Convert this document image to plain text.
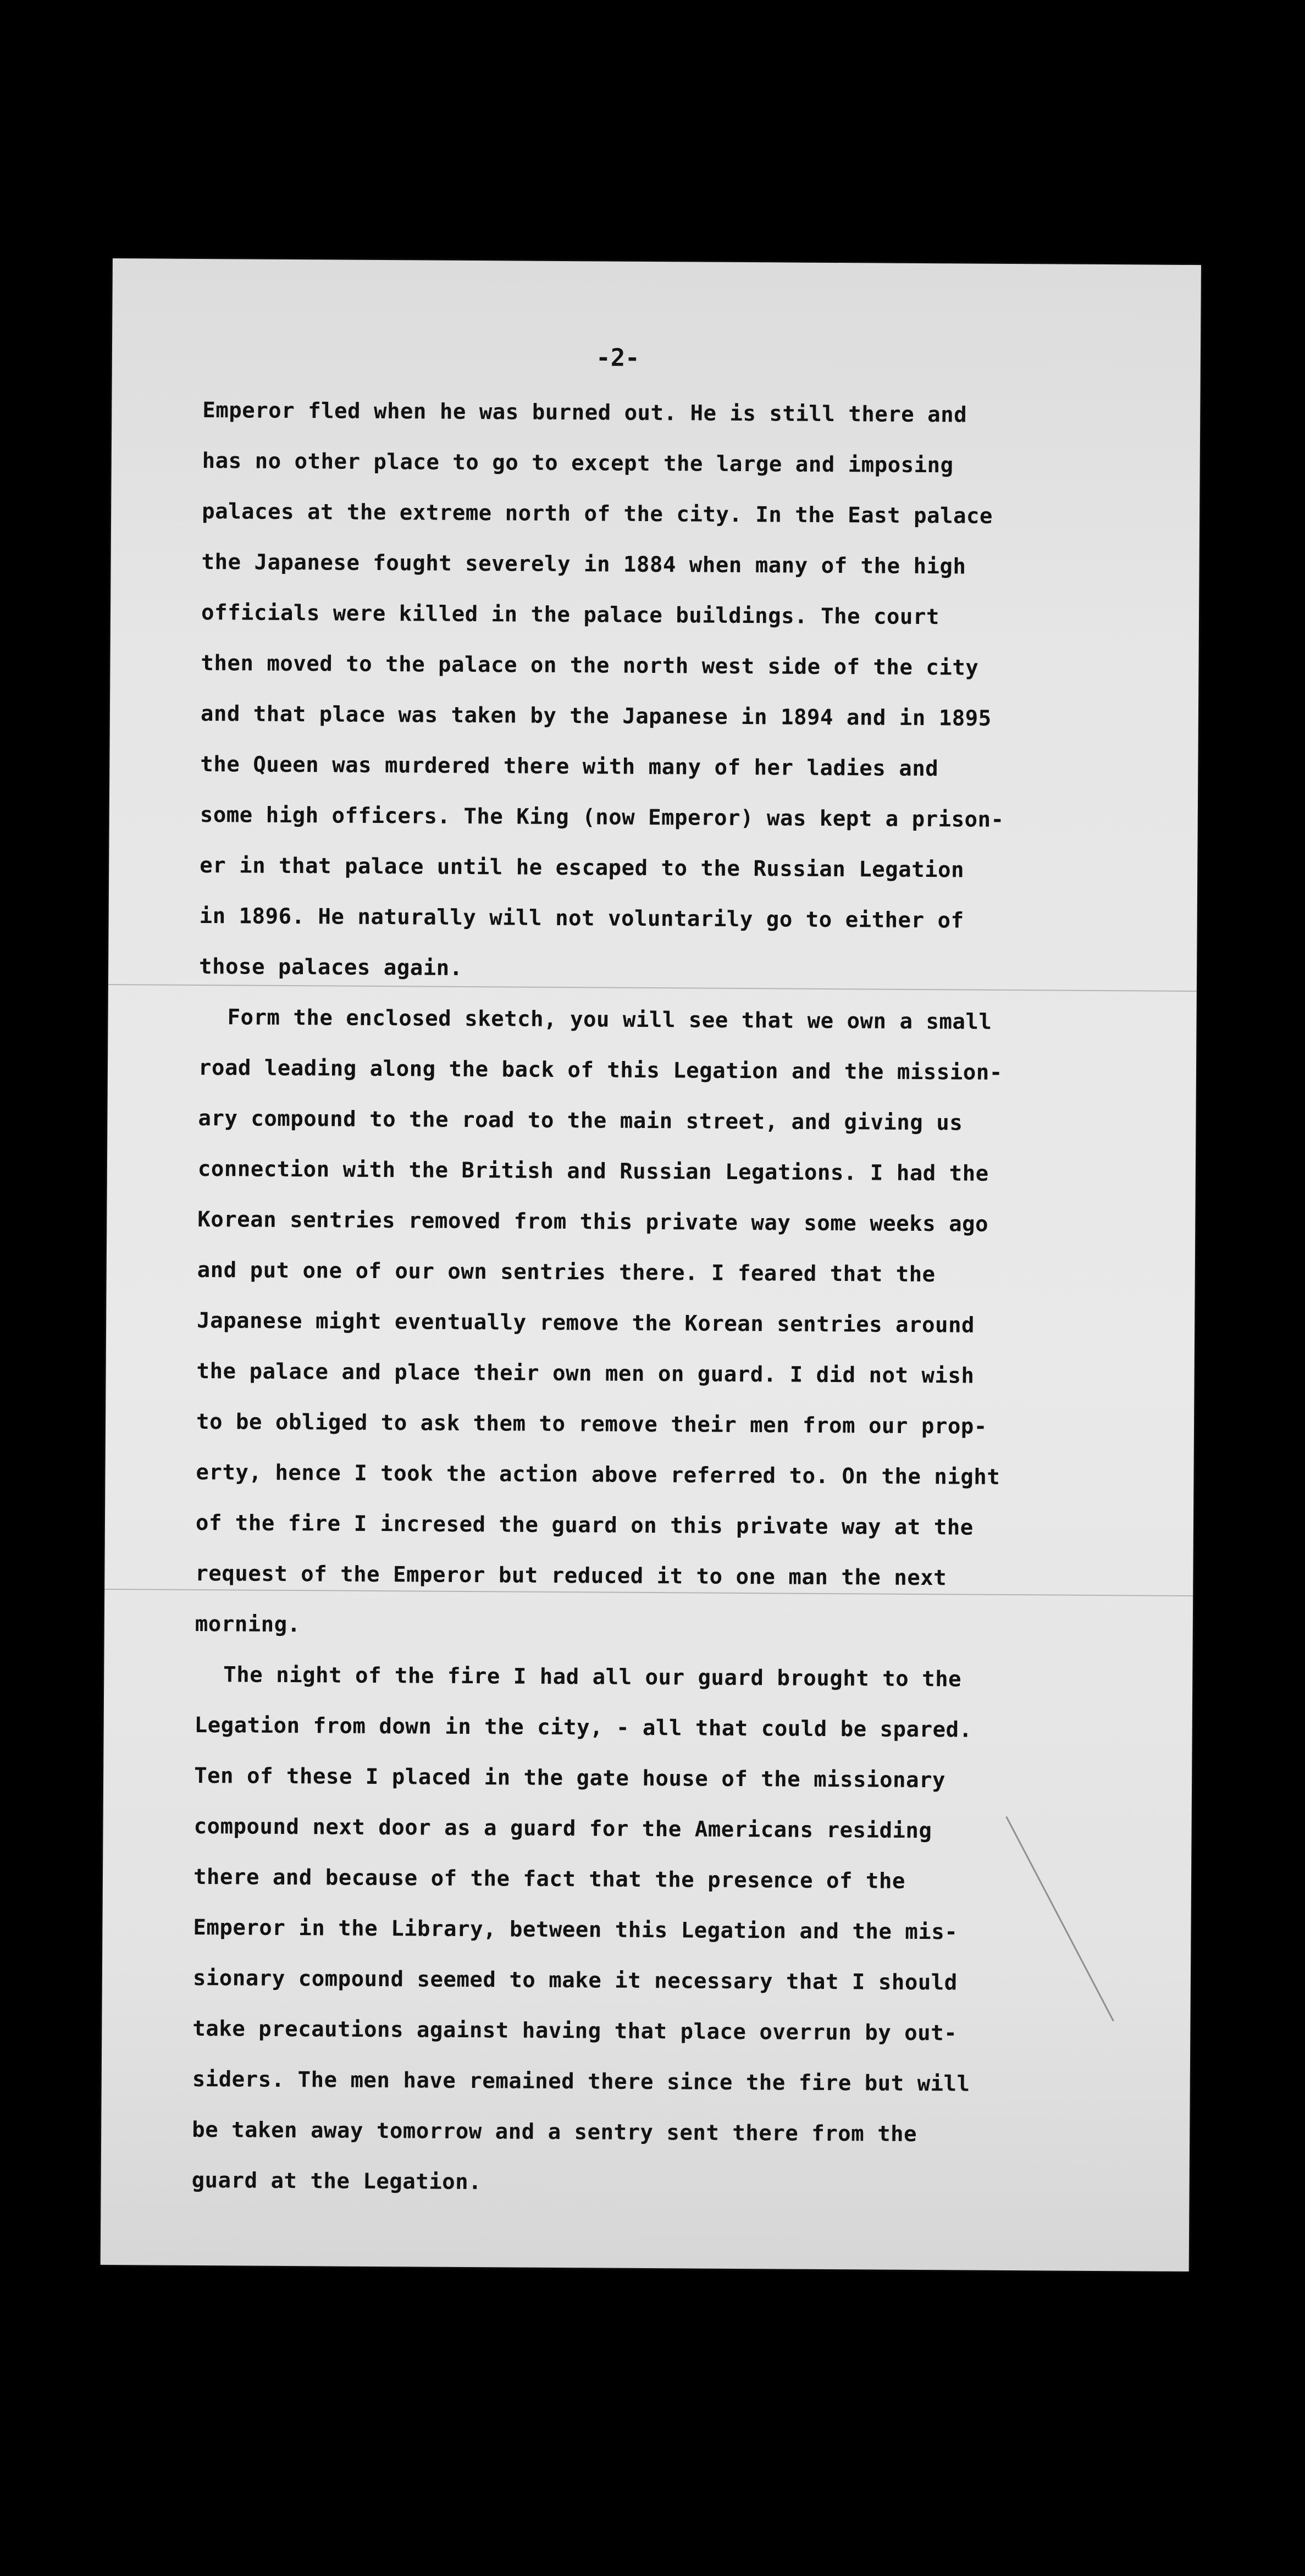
-2-
Emperor fled when he was burned out. He is still there and
has no other place to go to except the large and imposing
palaces at the extreme north of the city. In the East palace
the Japanese fought severely in 1884 when many of the high
officials were killed in the palace buildings. The court
then moved to the palace on the north west side of the city
and that place was taken by the Japanese in 1894 and in 1895
the Queen was murdered there with many of her ladies and
some high officers. The King (now Emperor) was kept a prison-
er in that palace until he escaped to the Russian Legation
in 1896. He naturally will not voluntarily go to either of
those palaces again.
Form the enclosed sketch, you will see that we own a small
road leading along the back of this Legation and the mission-
ary compound to the road to the main street, and giving us
connection with the British and Russian Legations. I had the
Korean sentries removed from this private way some weeks ago
and put one of our own sentries there. I feared that the
Japanese might eventually remove the Korean sentries around
the palace and place their own men on guard. I did not wish
to be obliged to ask them to remove their men from our prop-
erty, hence I took the action above referred to. On the night
of the fire I incresed the guard on this private way at the
request of the Emperor but reduced it to one man the next
morning.
The night of the fire I had all our guard brought to the
Legation from down in the city, - all that could be spared.
Ten of these I placed in the gate house of the missionary
compound next door as a guard for the Americans residing
there and because of the fact that the presence of the
Emperor in the Library, between this Legation and the mis-
sionary compound seemed to make it necessary that I should
take precautions against having that place overrun by out-
siders. The men have remained there since the fire but will
be taken away tomorrow and a sentry sent there from the
guard at the Legation.
